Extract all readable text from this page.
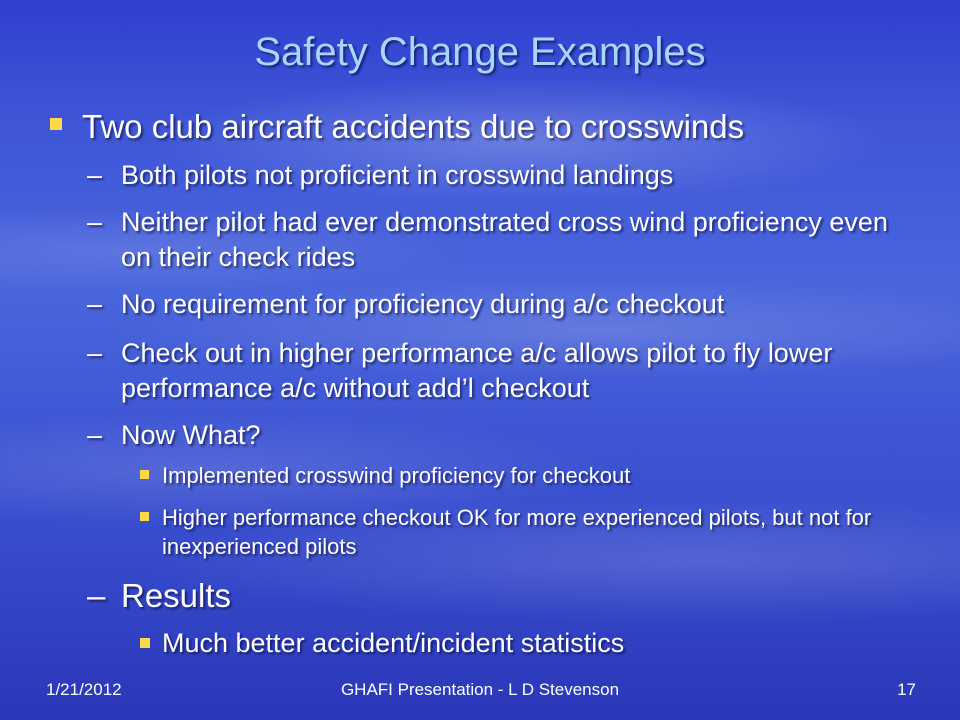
Safety Change Examples
Two club aircraft accidents due to crosswinds
– Both pilots not proficient in crosswind landings
– Neither pilot had ever demonstrated cross wind proficiency even on their check rides
– No requirement for proficiency during a/c checkout
– Check out in higher performance a/c allows pilot to fly lower performance a/c without add’l checkout
– Now What?
Implemented crosswind proficiency for checkout
Higher performance checkout OK for more experienced pilots, but not for inexperienced pilots
– Results
Much better accident/incident statistics
1/21/2012	GHAFI Presentation - L D Stevenson	17
